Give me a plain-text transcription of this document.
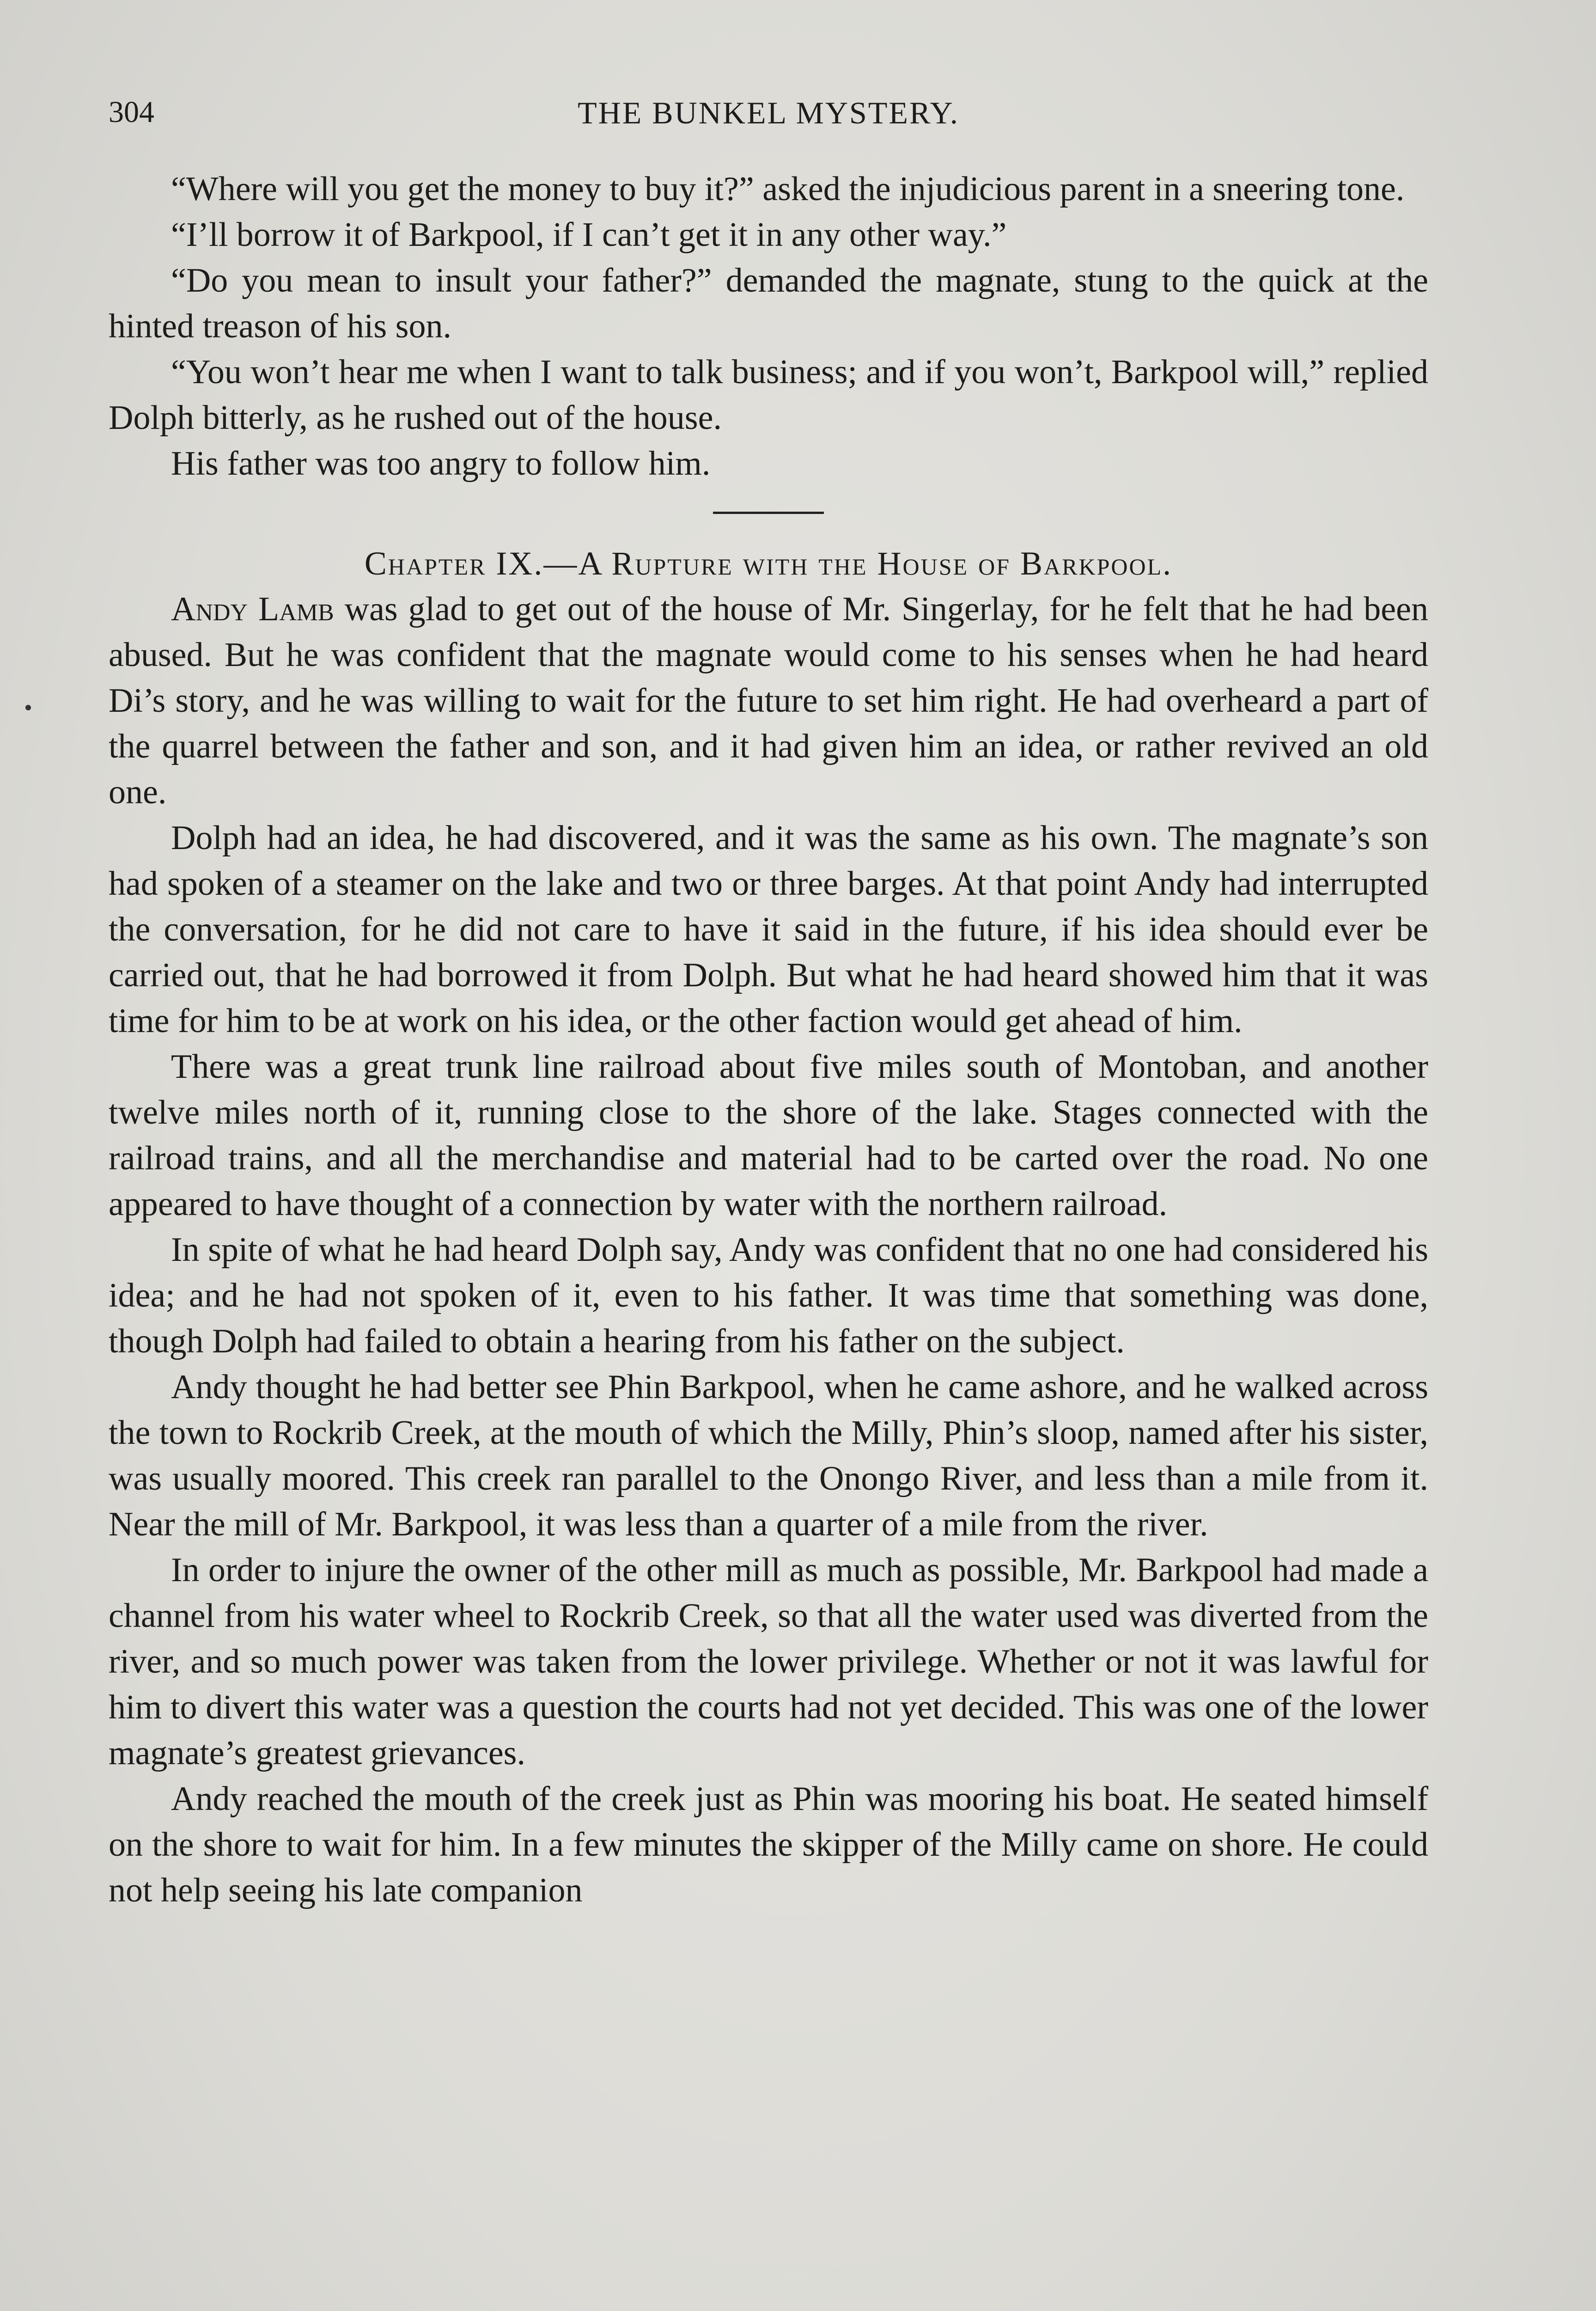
304	THE BUNKEL MYSTERY.

“Where will you get the money to buy it?” asked the injudicious parent in a sneering tone.

“I’ll borrow it of Barkpool, if I can’t get it in any other way.”

“Do you mean to insult your father?” demanded the magnate, stung to the quick at the hinted treason of his son.

“You won’t hear me when I want to talk business; and if you won’t, Barkpool will,” replied Dolph bitterly, as he rushed out of the house.

His father was too angry to follow him.

Chapter IX.—A Rupture with the House of Barkpool.

Andy Lamb was glad to get out of the house of Mr. Singerlay, for he felt that he had been abused. But he was confident that the magnate would come to his senses when he had heard Di’s story, and he was willing to wait for the future to set him right. He had overheard a part of the quarrel between the father and son, and it had given him an idea, or rather revived an old one.

Dolph had an idea, he had discovered, and it was the same as his own. The magnate’s son had spoken of a steamer on the lake and two or three barges. At that point Andy had interrupted the conversation, for he did not care to have it said in the future, if his idea should ever be carried out, that he had borrowed it from Dolph. But what he had heard showed him that it was time for him to be at work on his idea, or the other faction would get ahead of him.

There was a great trunk line railroad about five miles south of Montoban, and another twelve miles north of it, running close to the shore of the lake. Stages connected with the railroad trains, and all the merchandise and material had to be carted over the road. No one appeared to have thought of a connection by water with the northern railroad.

In spite of what he had heard Dolph say, Andy was confident that no one had considered his idea; and he had not spoken of it, even to his father. It was time that something was done, though Dolph had failed to obtain a hearing from his father on the subject.

Andy thought he had better see Phin Barkpool, when he came ashore, and he walked across the town to Rockrib Creek, at the mouth of which the Milly, Phin’s sloop, named after his sister, was usually moored. This creek ran parallel to the Onongo River, and less than a mile from it. Near the mill of Mr. Barkpool, it was less than a quarter of a mile from the river.

In order to injure the owner of the other mill as much as possible, Mr. Barkpool had made a channel from his water wheel to Rockrib Creek, so that all the water used was diverted from the river, and so much power was taken from the lower privilege. Whether or not it was lawful for him to divert this water was a question the courts had not yet decided. This was one of the lower magnate’s greatest grievances.

Andy reached the mouth of the creek just as Phin was mooring his boat. He seated himself on the shore to wait for him. In a few minutes the skipper of the Milly came on shore. He could not help seeing his late companion
